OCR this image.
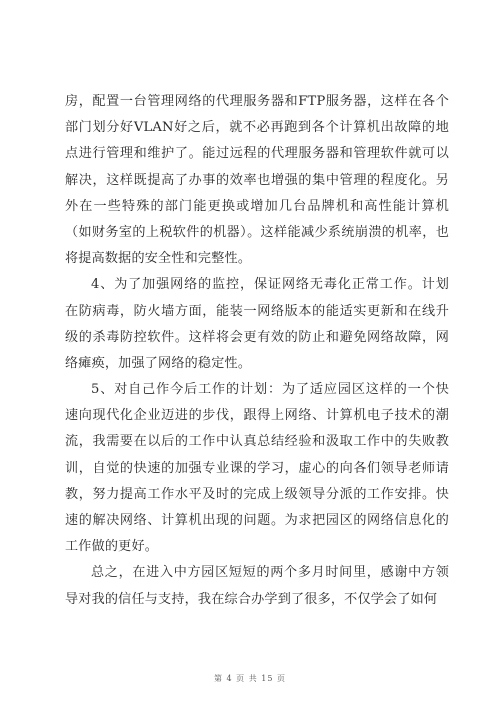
房，配置一台管理网络的代理服务器和FTP服务器，这样在各个
部门划分好VLAN好之后，就不必再跑到各个计算机出故障的地
点进行管理和维护了。能过远程的代理服务器和管理软件就可以
解决，这样既提高了办事的效率也增强的集中管理的程度化。另
外在一些特殊的部门能更换或增加几台品牌机和高性能计算机
（如财务室的上税软件的机器）。这样能减少系统崩溃的机率，也
将提高数据的安全性和完整性。
4、为了加强网络的监控，保证网络无毒化正常工作。计划
在防病毒，防火墙方面，能装一网络版本的能适实更新和在线升
级的杀毒防控软件。这样将会更有效的防止和避免网络故障，网
络瘫痪，加强了网络的稳定性。
5、对自己作今后工作的计划：为了适应园区这样的一个快
速向现代化企业迈进的步伐，跟得上网络、计算机电子技术的潮
流，我需要在以后的工作中认真总结经验和汲取工作中的失败教
训，自觉的快速的加强专业课的学习，虚心的向各们领导老师请
教，努力提高工作水平及时的完成上级领导分派的工作安排。快
速的解决网络、计算机出现的问题。为求把园区的网络信息化的
工作做的更好。
总之，在进入中方园区短短的两个多月时间里，感谢中方领
导对我的信任与支持，我在综合办学到了很多，不仅学会了如何
第 4 页 共 15 页
